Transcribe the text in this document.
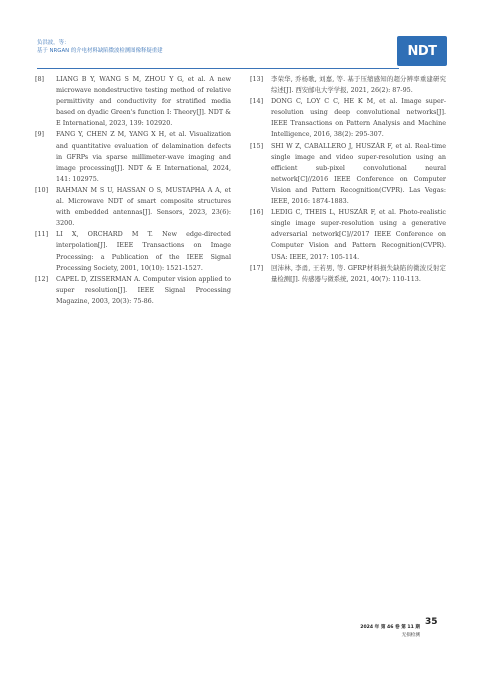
负洪波，等：
基于 NRGAN 的介电材料缺陷微波检测图像释疑重建	NDT
[8] LIANG B Y, WANG S M, ZHOU Y G, et al. A new microwave nondestructive testing method of relative permittivity and conductivity for stratified media based on dyadic Green's function I: Theory[J]. NDT & E International, 2023, 139: 102920.
[9] FANG Y, CHEN Z M, YANG X H, et al. Visualization and quantitative evaluation of delamination defects in GFRPs via sparse millimeter-wave imaging and image processing[J]. NDT & E International, 2024, 141: 102975.
[10] RAHMAN M S U, HASSAN O S, MUSTAPHA A A, et al. Microwave NDT of smart composite structures with embedded antennas[J]. Sensors, 2023, 23(6): 3200.
[11] LI X, ORCHARD M T. New edge-directed interpolation[J]. IEEE Transactions on Image Processing: a Publication of the IEEE Signal Processing Society, 2001, 10(10): 1521-1527.
[12] CAPEL D, ZISSERMAN A. Computer vision applied to super resolution[J]. IEEE Signal Processing Magazine, 2003, 20(3): 75-86.
[13] 李荣华, 乔杨歌, 刘嘉, 等. 基于压缩感知的超分辨率重建研究综述[J]. 西安邮电大学学报, 2021, 26(2): 87-95.
[14] DONG C, LOY C C, HE K M, et al. Image super-resolution using deep convolutional networks[J]. IEEE Transactions on Pattern Analysis and Machine Intelligence, 2016, 38(2): 295-307.
[15] SHI W Z, CABALLERO J, HUSZÁR F, et al. Real-time single image and video super-resolution using an efficient sub-pixel convolutional neural network[C]//2016 IEEE Conference on Computer Vision and Pattern Recognition(CVPR). Las Vegas: IEEE, 2016: 1874-1883.
[16] LEDIG C, THEIS L, HUSZÁR F, et al. Photo-realistic single image super-resolution using a generative adversarial network[C]//2017 IEEE Conference on Computer Vision and Pattern Recognition(CVPR). USA: IEEE, 2017: 105-114.
[17] 回沛林, 李甬, 王若男, 等. GFRP材料损失缺陷的微波反射定量检测[J]. 传感器与微系统, 2021, 40(7): 110-113.
35
2024 年 第 46 卷 第 11 期
无损检测
